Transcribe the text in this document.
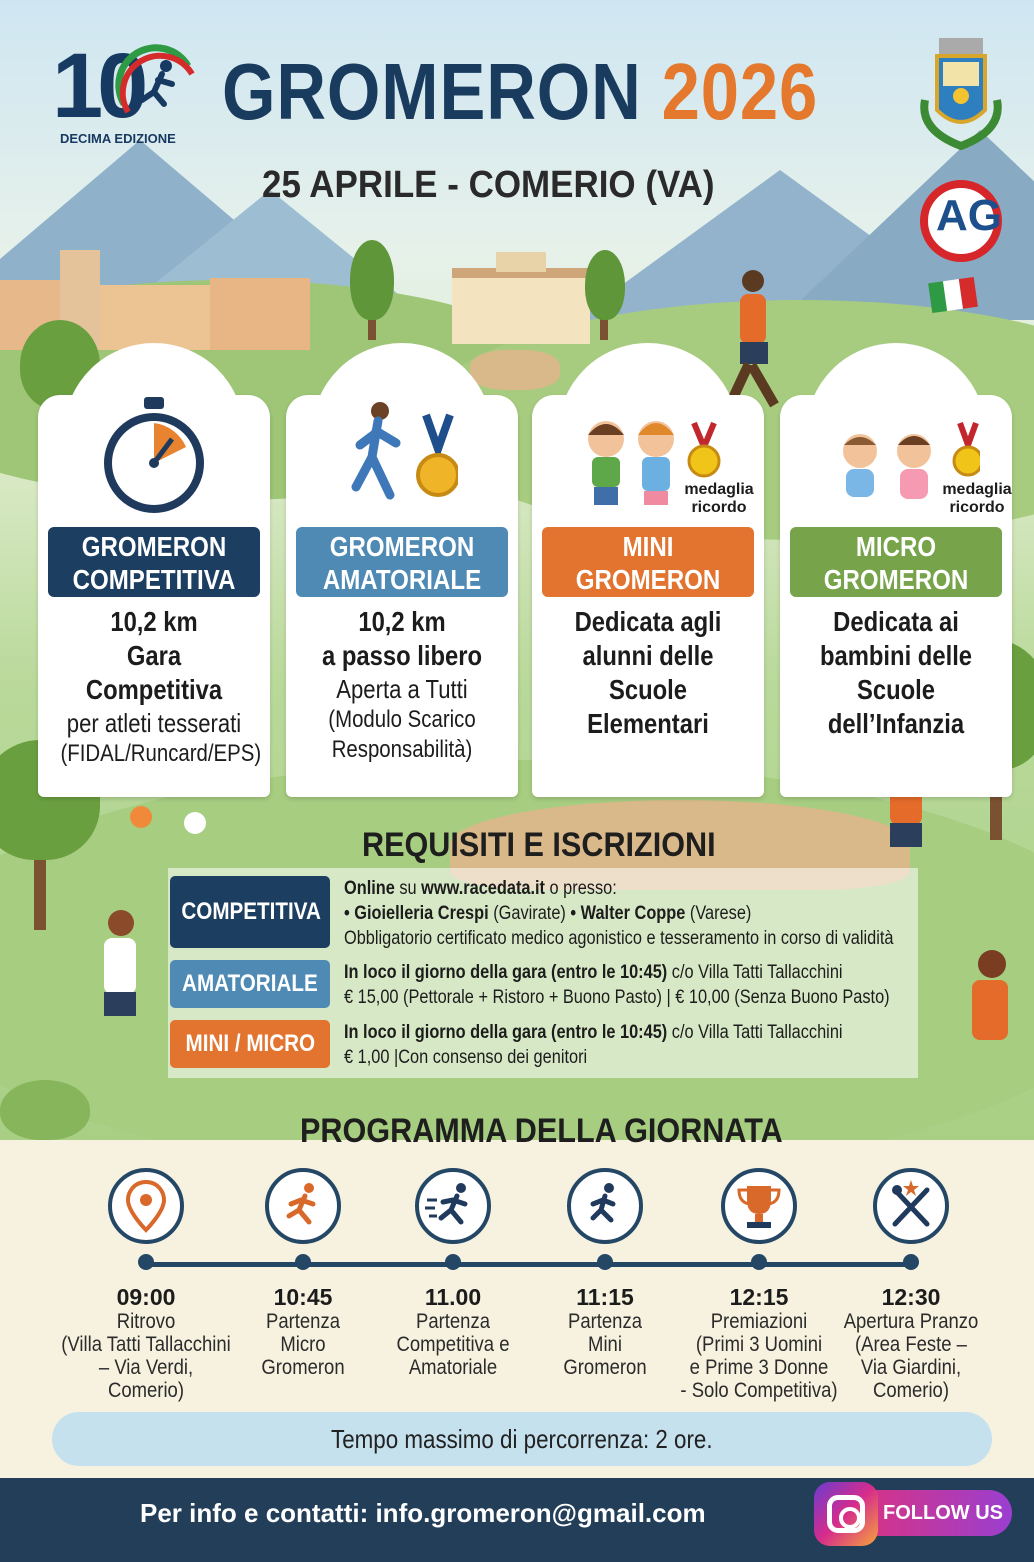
10
DECIMA EDIZIONE
GROMERON 2026
25 APRILE - COMERIO (VA)
AG
GROMERON
COMPETITIVA
10,2 km
Gara Competitiva
per atleti tesserati
(FIDAL/Runcard/EPS)
GROMERON
AMATORIALE
10,2 km
a passo libero
Aperta a Tutti
(Modulo Scarico
Responsabilità)
medaglia
ricordo
MINI
GROMERON
Dedicata agli
alunni delle
Scuole Elementari
medaglia
ricordo
MICRO
GROMERON
Dedicata ai
bambini delle
Scuole
dell’Infanzia
REQUISITI E ISCRIZIONI
COMPETITIVA
Online su www.racedata.it o presso:
• Gioielleria Crespi (Gavirate) • Walter Coppe (Varese)
Obbligatorio certificato medico agonistico e tesseramento in corso di validità
AMATORIALE	In loco il giorno della gara (entro le 10:45) c/o Villa Tatti Tallacchini
€ 15,00 (Pettorale + Ristoro + Buono Pasto) | € 10,00 (Senza Buono Pasto)
MINI / MICRO	In loco il giorno della gara (entro le 10:45) c/o Villa Tatti Tallacchini
€ 1,00 |Con consenso dei genitori
PROGRAMMA DELLA GIORNATA
09:00
Ritrovo
(Villa Tatti Tallacchini
– Via Verdi,
Comerio)
10:45
Partenza
Micro
Gromeron
11.00
Partenza
Competitiva e
Amatoriale
11:15
Partenza
Mini
Gromeron
12:15
Premiazioni
(Primi 3 Uomini
e Prime 3 Donne
- Solo Competitiva)
12:30
Apertura Pranzo
(Area Feste –
Via Giardini,
Comerio)
Tempo massimo di percorrenza: 2 ore.
Per info e contatti: info.gromeron@gmail.com	FOLLOW US
